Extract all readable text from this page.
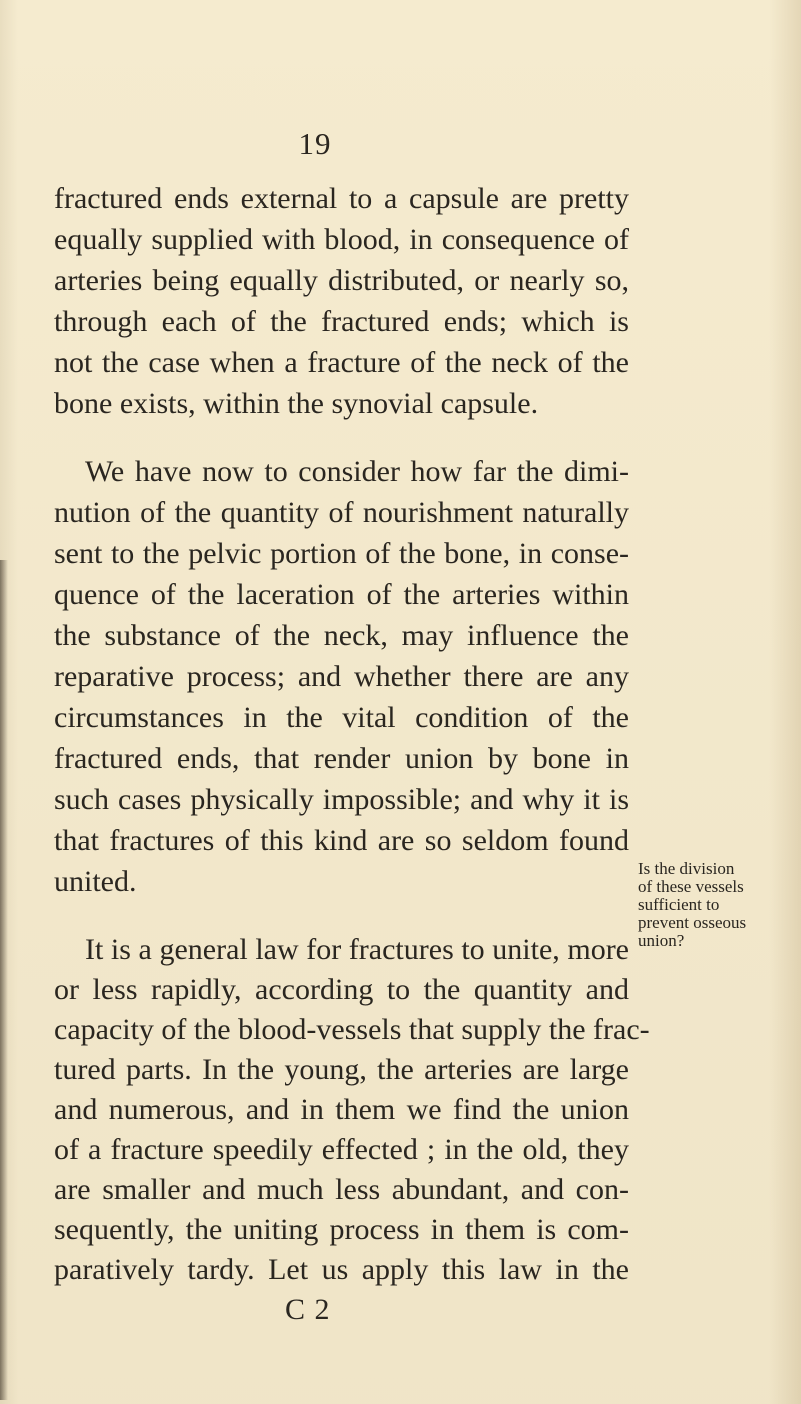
19
fractured ends external to a capsule are pretty
equally supplied with blood, in consequence of
arteries being equally distributed, or nearly so,
through each of the fractured ends; which is
not the case when a fracture of the neck of the
bone exists, within the synovial capsule.
We have now to consider how far the dimi-
nution of the quantity of nourishment naturally
sent to the pelvic portion of the bone, in conse-
quence of the laceration of the arteries within
the substance of the neck, may influence the
reparative process; and whether there are any
circumstances in the vital condition of the
fractured ends, that render union by bone in
such cases physically impossible; and why it is
that fractures of this kind are so seldom found
united.
It is a general law for fractures to unite, more
or less rapidly, according to the quantity and
capacity of the blood-vessels that supply the frac-
tured parts. In the young, the arteries are large
and numerous, and in them we find the union
of a fracture speedily effected ; in the old, they
are smaller and much less abundant, and con-
sequently, the uniting process in them is com-
paratively tardy. Let us apply this law in the
Is the division
of these vessels
sufficient to
prevent osseous
union?
C 2
